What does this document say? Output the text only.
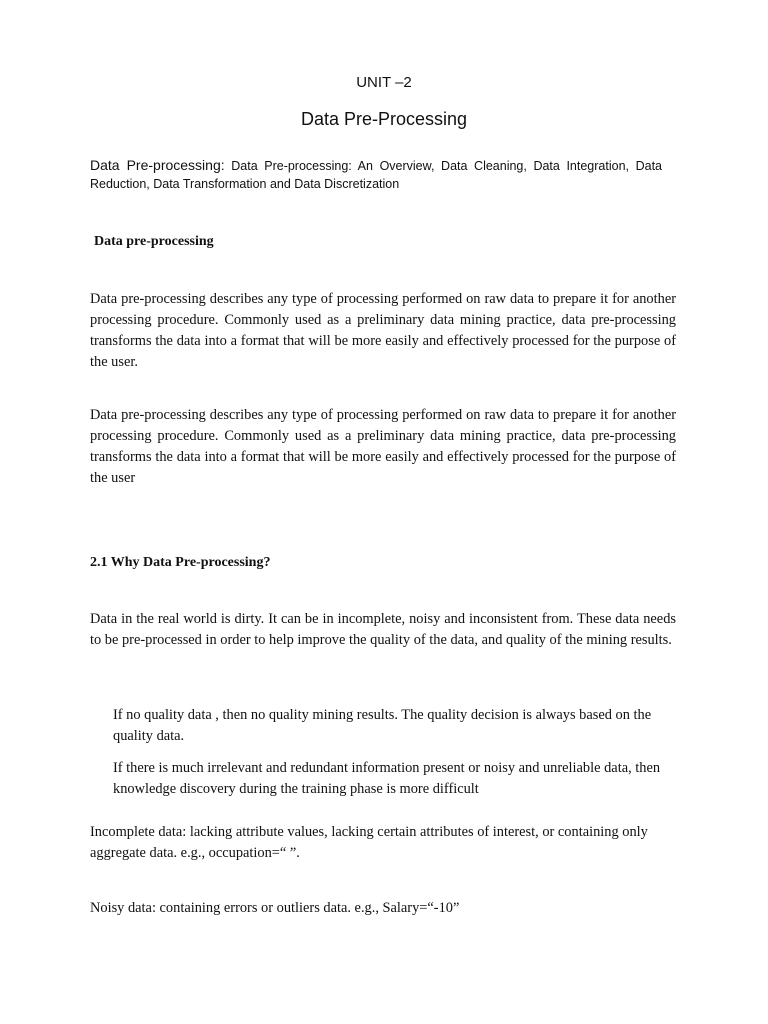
UNIT –2
Data Pre-Processing
Data Pre-processing: Data Pre-processing: An Overview, Data Cleaning, Data Integration, Data Reduction, Data Transformation and Data Discretization
Data pre-processing
Data pre-processing describes any type of processing performed on raw data to prepare it for another processing procedure. Commonly used as a preliminary data mining practice, data pre-processing transforms the data into a format that will be more easily and effectively processed for the purpose of the user.
Data pre-processing describes any type of processing performed on raw data to prepare it for another processing procedure. Commonly used as a preliminary data mining practice, data pre-processing transforms the data into a format that will be more easily and effectively processed for the purpose of the user
2.1 Why Data Pre-processing?
Data in the real world is dirty. It can be in incomplete, noisy and inconsistent from. These data needs to be pre-processed in order to help improve the quality of the data, and quality of the mining results.
If no quality data , then no quality mining results. The quality decision is always based on the quality data.
If there is much irrelevant and redundant information present or noisy and unreliable data, then knowledge discovery during the training phase is more difficult
Incomplete data: lacking attribute values, lacking certain attributes of interest, or containing only aggregate data. e.g., occupation=“ ”.
Noisy data: containing errors or outliers data. e.g., Salary=“-10”
